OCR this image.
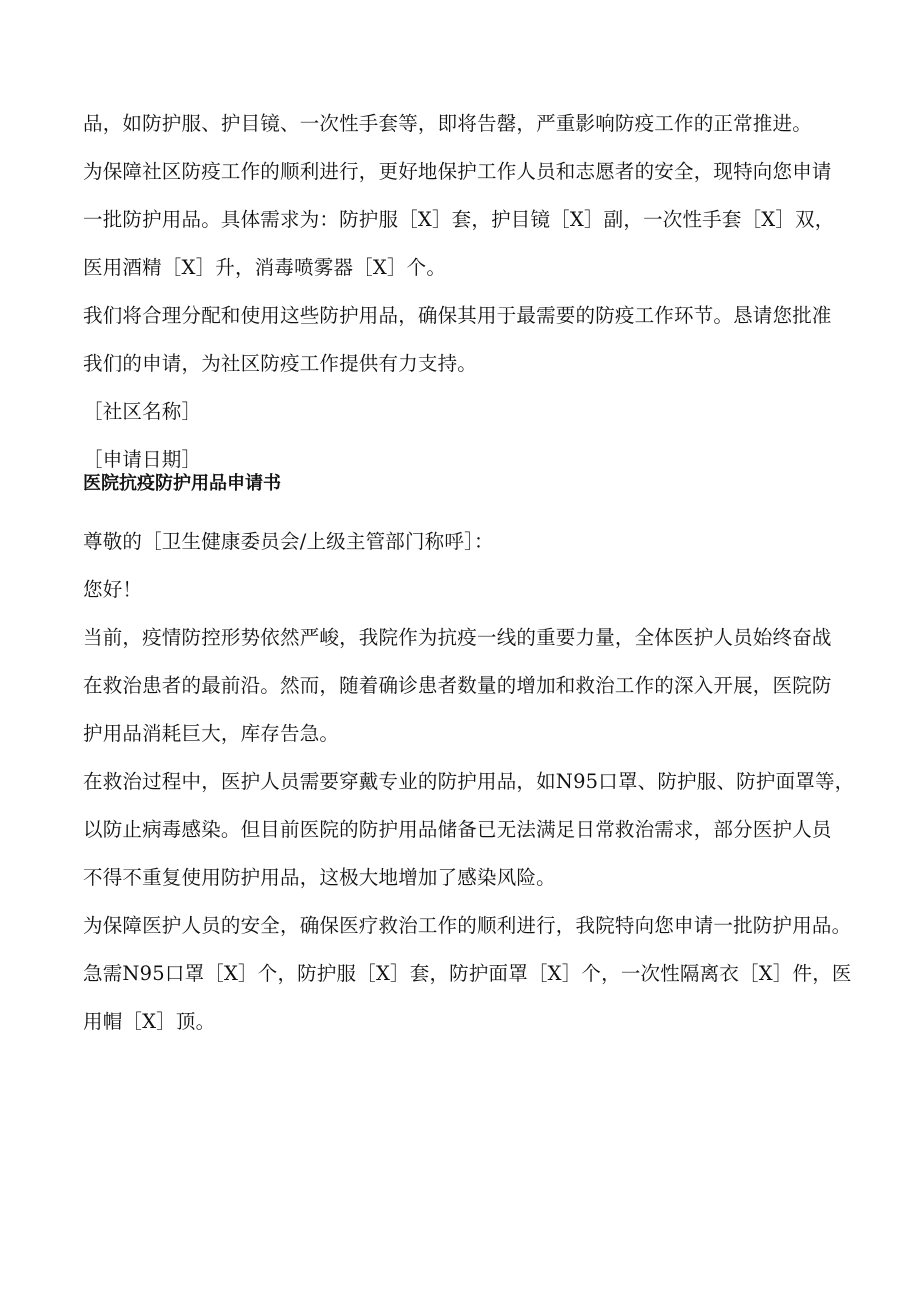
品，如防护服、护目镜、一次性手套等，即将告罄，严重影响防疫工作的正常推进。

为保障社区防疫工作的顺利进行，更好地保护工作人员和志愿者的安全，现特向您申请

一批防护用品。具体需求为：防护服［X］套，护目镜［X］副，一次性手套［X］双，

医用酒精［X］升，消毒喷雾器［X］个。

我们将合理分配和使用这些防护用品，确保其用于最需要的防疫工作环节。恳请您批准

我们的申请，为社区防疫工作提供有力支持。

［社区名称］

［申请日期］

医院抗疫防护用品申请书

尊敬的［卫生健康委员会/上级主管部门称呼］：

您好！

当前，疫情防控形势依然严峻，我院作为抗疫一线的重要力量，全体医护人员始终奋战

在救治患者的最前沿。然而，随着确诊患者数量的增加和救治工作的深入开展，医院防

护用品消耗巨大，库存告急。

在救治过程中，医护人员需要穿戴专业的防护用品，如N95口罩、防护服、防护面罩等，

以防止病毒感染。但目前医院的防护用品储备已无法满足日常救治需求，部分医护人员

不得不重复使用防护用品，这极大地增加了感染风险。

为保障医护人员的安全，确保医疗救治工作的顺利进行，我院特向您申请一批防护用品。

急需N95口罩［X］个，防护服［X］套，防护面罩［X］个，一次性隔离衣［X］件，医

用帽［X］顶。
